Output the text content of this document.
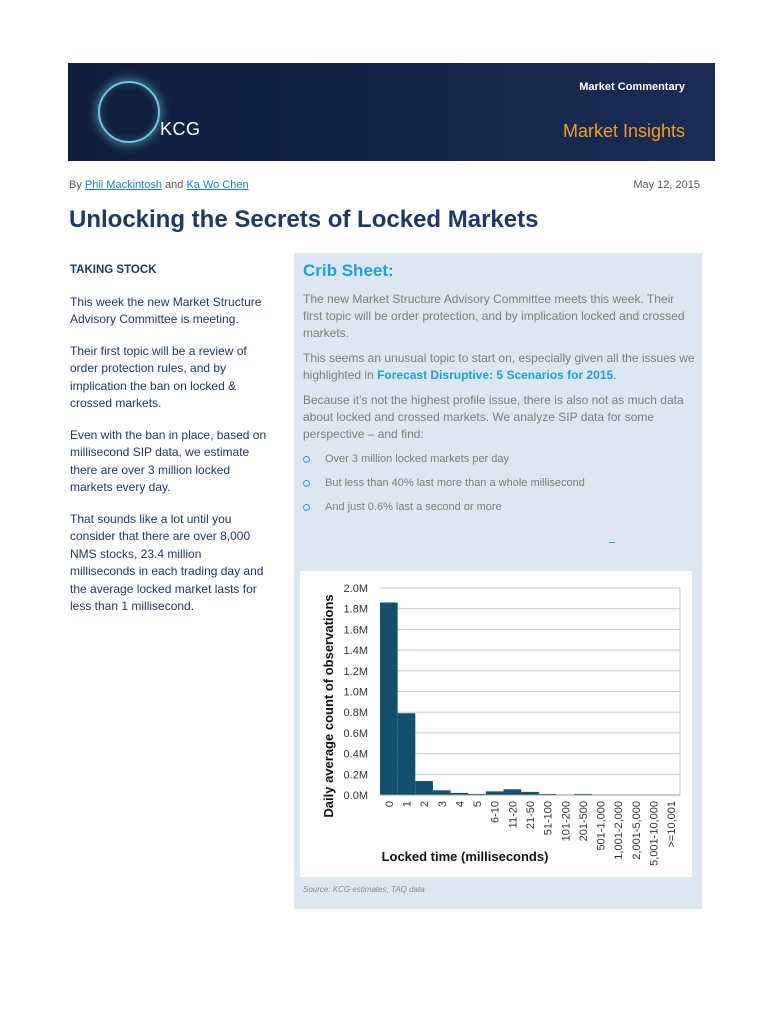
KCG
Market Commentary
Market Insights
By Phil Mackintosh and Ka Wo Chen	May 12, 2015
Unlocking the Secrets of Locked Markets
TAKING STOCK

This week the new Market Structure Advisory Committee is meeting.

Their first topic will be a review of order protection rules, and by implication the ban on locked & crossed markets.

Even with the ban in place, based on millisecond SIP data, we estimate there are over 3 million locked markets every day.

That sounds like a lot until you consider that there are over 8,000 NMS stocks, 23.4 million milliseconds in each trading day and the average locked market lasts for less than 1 millisecond.

Crib Sheet:

The new Market Structure Advisory Committee meets this week. Their first topic will be order protection, and by implication locked and crossed markets.

This seems an unusual topic to start on, especially given all the issues we highlighted in Forecast Disruptive: 5 Scenarios for 2015.

Because it’s not the highest profile issue, there is also not as much data about locked and crossed markets. We analyze SIP data for some perspective – and find:

Over 3 million locked markets per day
But less than 40% last more than a whole millisecond
And just 0.6% last a second or more
0.0M
0.2M
0.4M
0.6M
0.8M
1.0M
1.2M
1.4M
1.6M
1.8M
2.0M
0 1 2 3 4 5 6-10 11-20 21-50 51-100 101-200 201-500 501-1,000 1,001-2,000 2,001-5,000 5,001-10,000 >=10,001
Locked time (milliseconds)
Daily average count of observations
Source: KCG estimates, TAQ data
